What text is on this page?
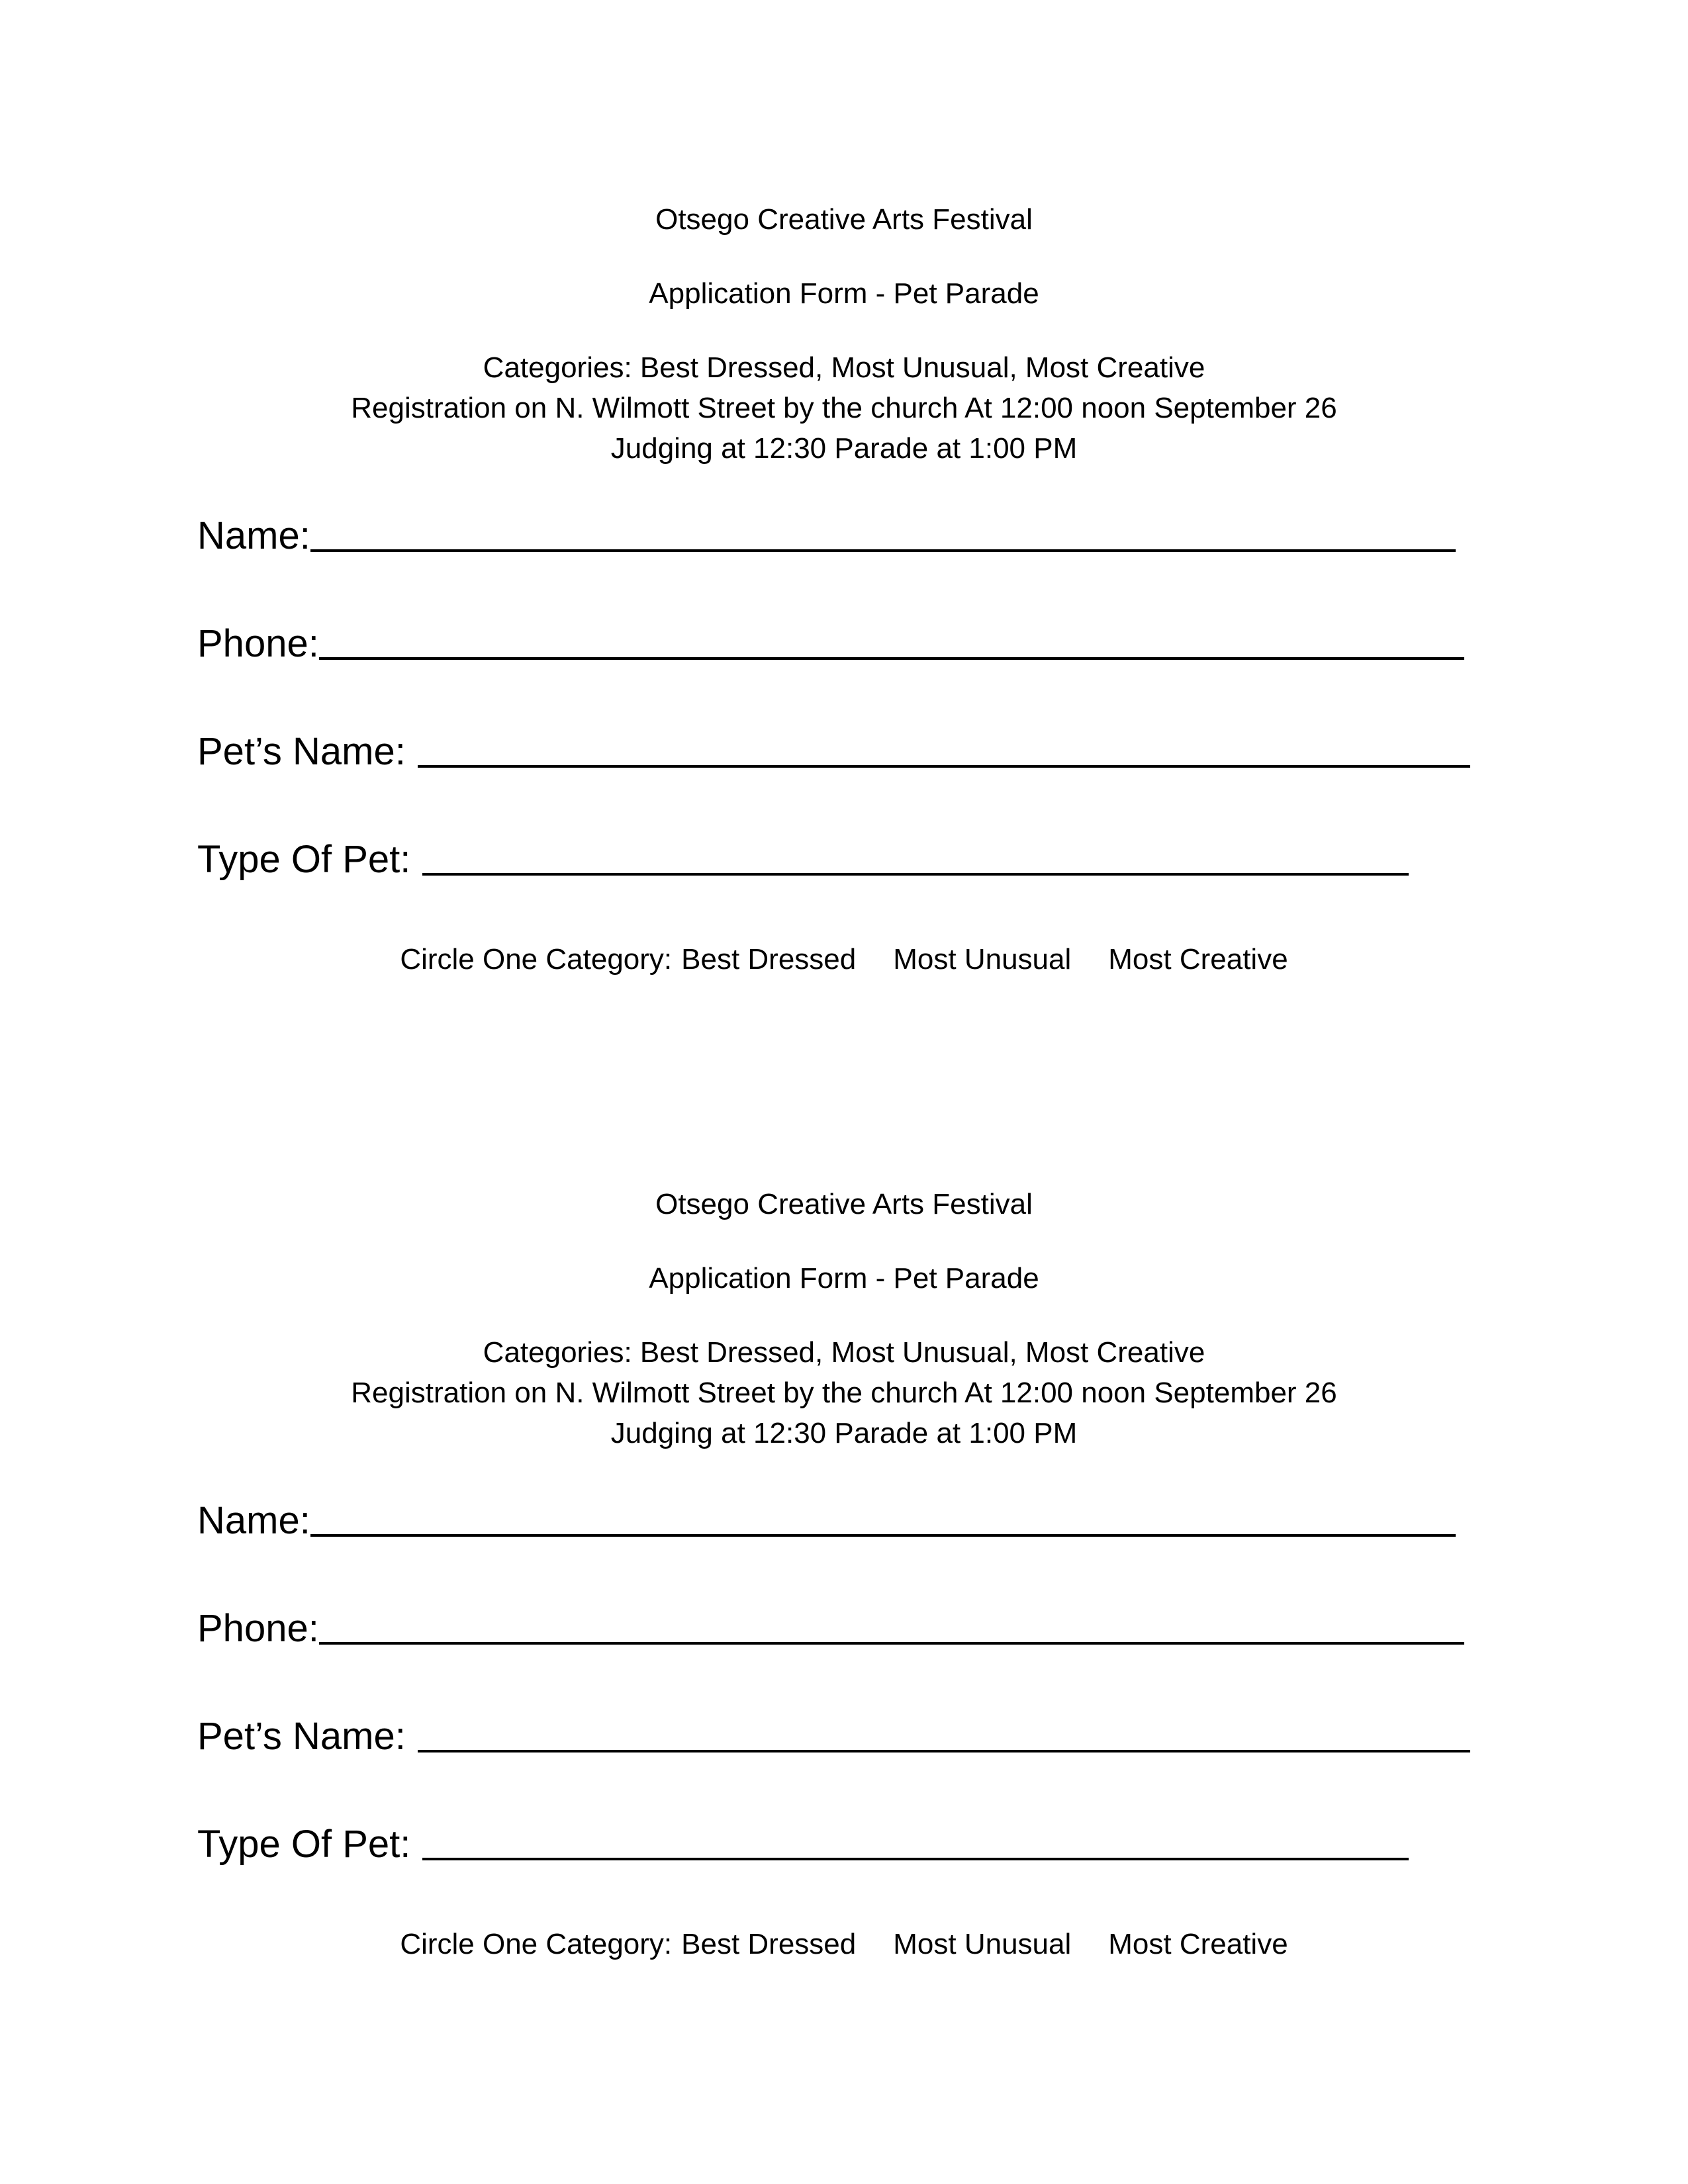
Otsego Creative Arts Festival
Application Form - Pet Parade
Categories: Best Dressed, Most Unusual, Most Creative
Registration on N. Wilmott Street by the church At 12:00 noon September 26
Judging at 12:30 Parade at 1:00 PM
Name:
Phone:
Pet’s Name:
Type Of Pet:
Circle One Category: Best Dressed Most Unusual Most Creative
Otsego Creative Arts Festival
Application Form - Pet Parade
Categories: Best Dressed, Most Unusual, Most Creative
Registration on N. Wilmott Street by the church At 12:00 noon September 26
Judging at 12:30 Parade at 1:00 PM
Name:
Phone:
Pet’s Name:
Type Of Pet:
Circle One Category: Best Dressed Most Unusual Most Creative
